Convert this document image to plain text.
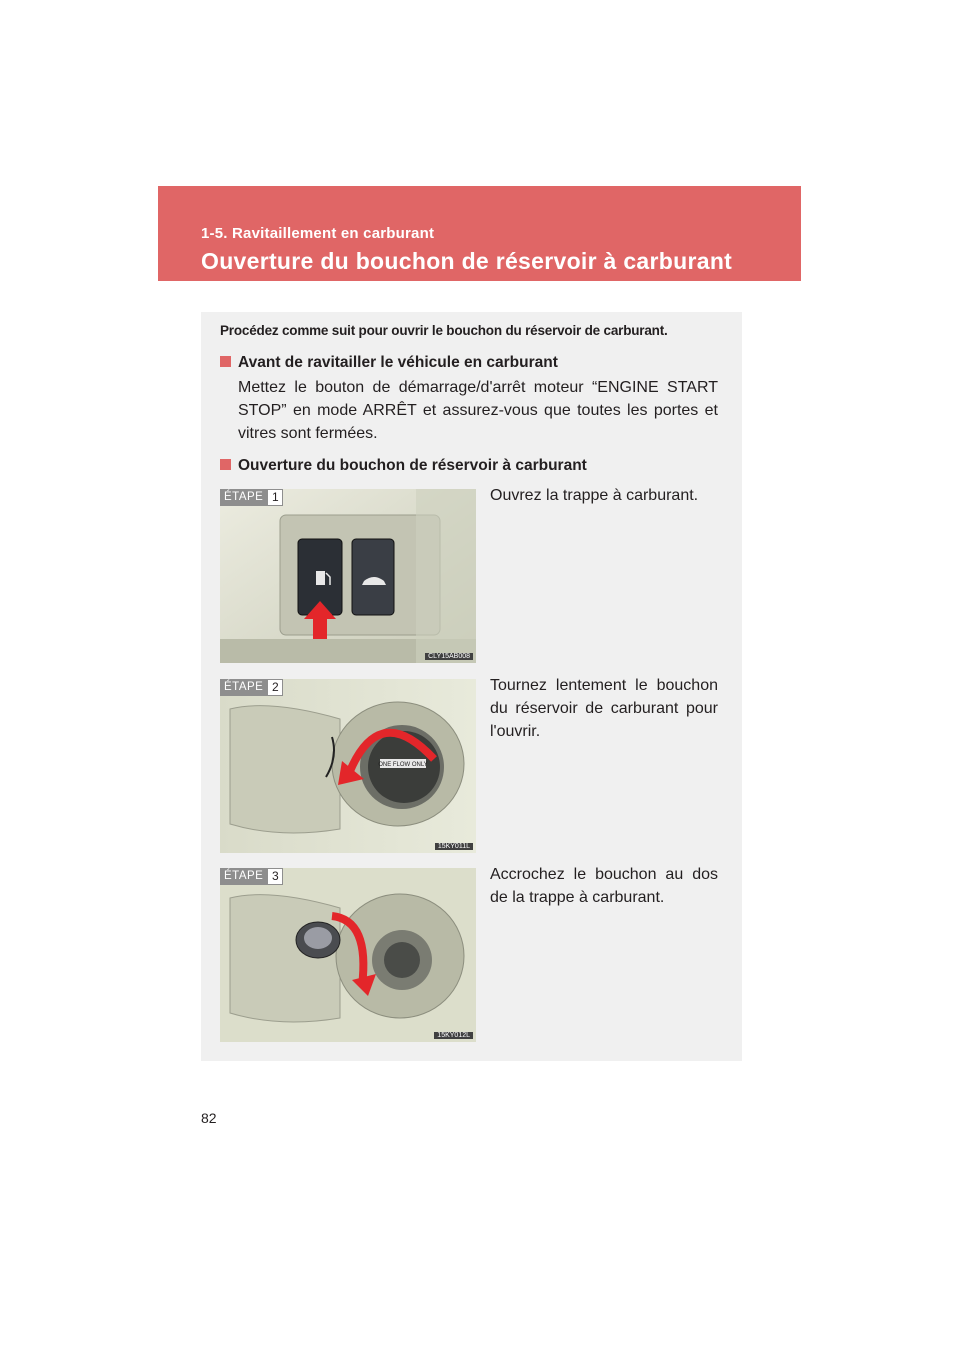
1-5. Ravitaillement en carburant
Ouverture du bouchon de réservoir à carburant
Procédez comme suit pour ouvrir le bouchon du réservoir de carburant.
Avant de ravitailler le véhicule en carburant
Mettez le bouton de démarrage/d'arrêt moteur “ENGINE START STOP” en mode ARRÊT et assurez-vous que toutes les portes et vitres sont fermées.
Ouverture du bouchon de réservoir à carburant
ÉTAPE 1
CLY15AB008
Ouvrez la trappe à carburant.
ÉTAPE 2
ONE FLOW ONLY
15KY011L
Tournez lentement le bouchon du réservoir de carburant pour l'ouvrir.
ÉTAPE 3
15KY012L
Accrochez le bouchon au dos de la trappe à carburant.
82
